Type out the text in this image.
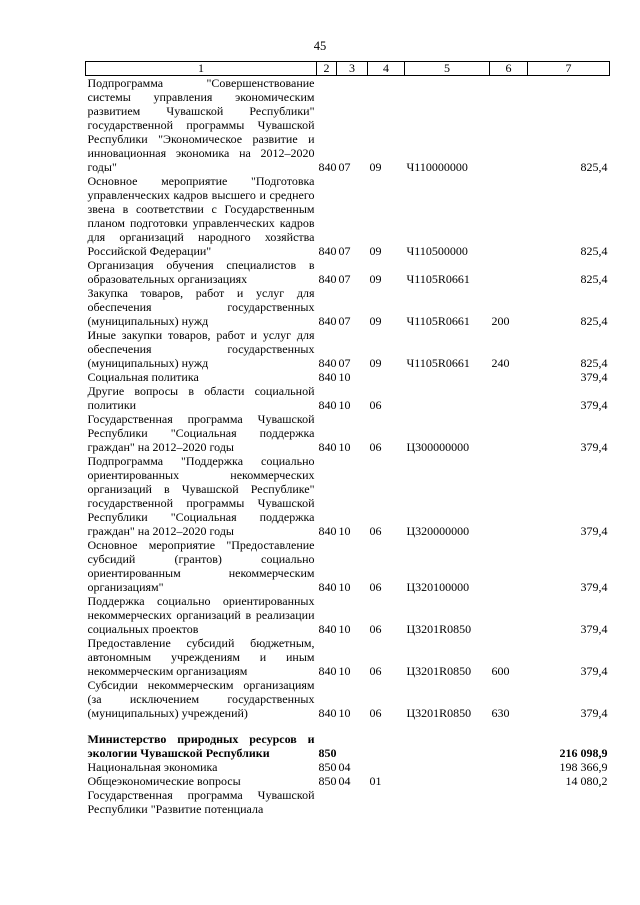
45
1	2	3	4	5	6	7
Подпрограмма "Совершенствование системы управления экономическим развитием Чувашской Республики" государственной программы Чувашской Республики "Экономическое развитие и инновационная экономика на 2012–2020 годы"	840	07	09	Ч110000000		825,4
Основное мероприятие "Подготовка управленческих кадров высшего и среднего звена в соответствии с Государственным планом подготовки управленческих кадров для организаций народного хозяйства Российской Федерации"	840	07	09	Ч110500000		825,4
Организация обучения специалистов в образовательных организациях	840	07	09	Ч1105R0661		825,4
Закупка товаров, работ и услуг для обеспечения государственных (муниципальных) нужд	840	07	09	Ч1105R0661	200	825,4
Иные закупки товаров, работ и услуг для обеспечения государственных (муниципальных) нужд	840	07	09	Ч1105R0661	240	825,4
Социальная политика	840	10				379,4
Другие вопросы в области социальной политики	840	10	06			379,4
Государственная программа Чувашской Республики "Социальная поддержка граждан" на 2012–2020 годы	840	10	06	Ц300000000		379,4
Подпрограмма "Поддержка социально ориентированных некоммерческих организаций в Чувашской Республике" государственной программы Чувашской Республики "Социальная поддержка граждан" на 2012–2020 годы	840	10	06	Ц320000000		379,4
Основное мероприятие "Предоставление субсидий (грантов) социально ориентированным некоммерческим организациям"	840	10	06	Ц320100000		379,4
Поддержка социально ориентированных некоммерческих организаций в реализации социальных проектов	840	10	06	Ц3201R0850		379,4
Предоставление субсидий бюджетным, автономным учреждениям и иным некоммерческим организациям	840	10	06	Ц3201R0850	600	379,4
Субсидии некоммерческим организациям (за исключением государственных (муниципальных) учреждений)	840	10	06	Ц3201R0850	630	379,4

Министерство природных ресурсов и экологии Чувашской Республики	850					216 098,9
Национальная экономика	850	04				198 366,9
Общеэкономические вопросы	850	04	01			14 080,2
Государственная программа Чувашской Республики "Развитие потенциала						
